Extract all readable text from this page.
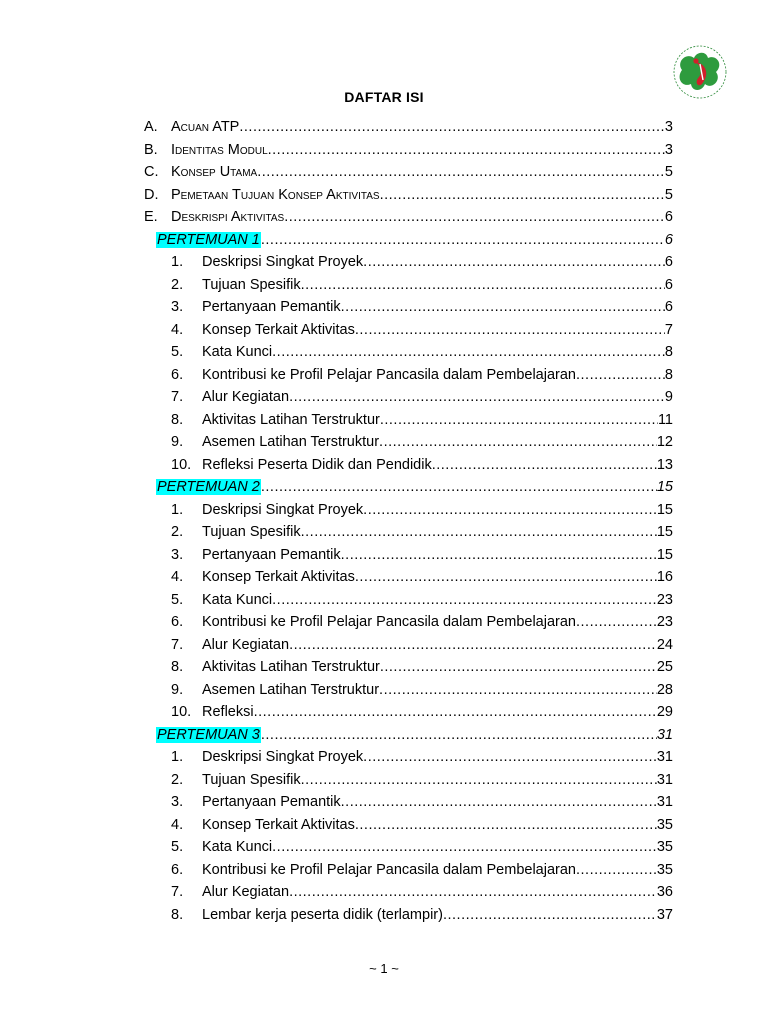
DAFTAR ISI
A. Acuan ATP .....	3
B. Identitas Modul .....	3
C. Konsep Utama .....	5
D. Pemetaan Tujuan Konsep Aktivitas .....	5
E. Deskrispi Aktivitas .....	6
PERTEMUAN 1 .....	6
1. Deskripsi Singkat Proyek .....	6
2. Tujuan Spesifik .....	6
3. Pertanyaan Pemantik .....	6
4. Konsep Terkait Aktivitas .....	7
5. Kata Kunci .....	8
6. Kontribusi ke Profil Pelajar Pancasila dalam Pembelajaran .....	8
7. Alur Kegiatan .....	9
8. Aktivitas Latihan Terstruktur .....	11
9. Asemen Latihan Terstruktur .....	12
10. Refleksi Peserta Didik dan Pendidik .....	13
PERTEMUAN 2 .....	15
1. Deskripsi Singkat Proyek .....	15
2. Tujuan Spesifik .....	15
3. Pertanyaan Pemantik .....	15
4. Konsep Terkait Aktivitas .....	16
5. Kata Kunci .....	23
6. Kontribusi ke Profil Pelajar Pancasila dalam Pembelajaran .....	23
7. Alur Kegiatan .....	24
8. Aktivitas Latihan Terstruktur .....	25
9. Asemen Latihan Terstruktur .....	28
10. Refleksi .....	29
PERTEMUAN 3 .....	31
1. Deskripsi Singkat Proyek .....	31
2. Tujuan Spesifik .....	31
3. Pertanyaan Pemantik .....	31
4. Konsep Terkait Aktivitas .....	35
5. Kata Kunci .....	35
6. Kontribusi ke Profil Pelajar Pancasila dalam Pembelajaran .....	35
7. Alur Kegiatan .....	36
8. Lembar kerja peserta didik (terlampir) .....	37
~ 1 ~
